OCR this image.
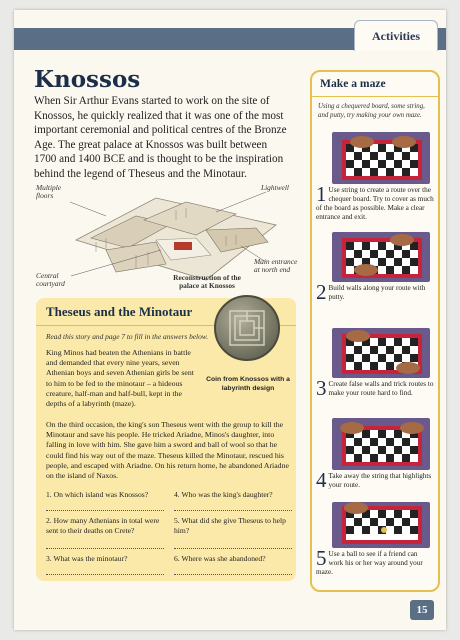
Activities
Knossos

When Sir Arthur Evans started to work on the site of Knossos, he quickly realized that it was one of the most important ceremonial and political centres of the Bronze Age. The great palace at Knossos was built between 1700 and 1400 BCE and is thought to be the inspiration behind the legend of Theseus and the Minotaur.

Multiple floors
Lightwell
Central courtyard
Main entrance at north end
Reconstruction of the palace at Knossos
Theseus and the Minotaur
Coin from Knossos with a labyrinth design
Read this story and page 7 to fill in the answers below.

King Minos had beaten the Athenians in battle and demanded that every nine years, seven Athenian boys and seven Athenian girls be sent to him to be fed to the minotaur – a hideous creature, half-man and half-bull, kept in the depths of a labyrinth (maze).

On the third occasion, the king's son Theseus went with the group to kill the Minotaur and save his people. He tricked Ariadne, Minos's daughter, into falling in love with him. She gave him a sword and ball of wool so that he could find his way out of the maze. Theseus killed the Minotaur, rescued his people, and escaped with Ariadne. On his return home, he abandoned Ariadne on the island of Naxos.

1. On which island was Knossos?	4. Who was the king's daughter?
2. How many Athenians in total were sent to their deaths on Crete?
5. What did she give Theseus to help him?
3. What was the minotaur?	6. Where was she abandoned?
Make a maze

Using a chequered board, some string, and putty, try making your own maze.

1 Use string to create a route over the chequer board. Try to cover as much of the board as possible. Make a clear entrance and exit.
2 Build walls along your route with putty.
3 Create false walls and trick routes to make your route hard to find.
4 Take away the string that highlights your route.
5 Use a ball to see if a friend can work his or her way around your maze.
15
